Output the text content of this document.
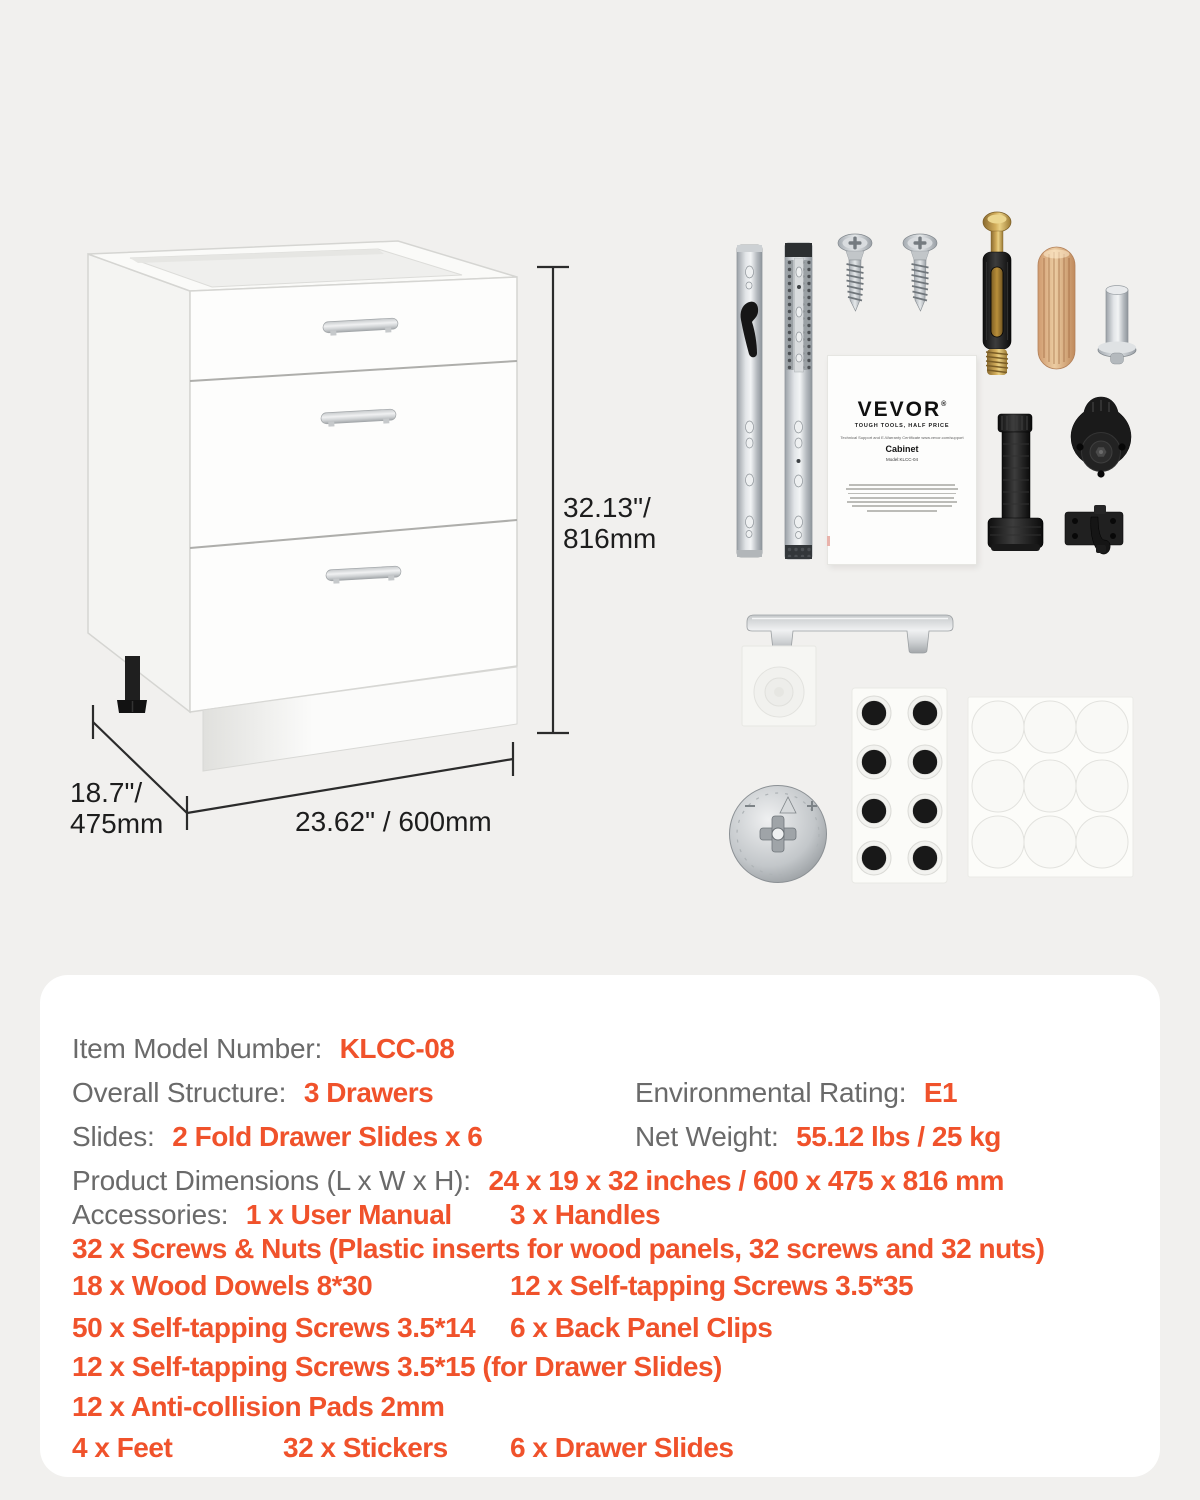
32.13"/
816mm
18.7"/
475mm	23.62" / 600mm
VEVOR®
TOUGH TOOLS, HALF PRICE
Technical Support and E-Warranty Certificate www.vevor.com/support
Cabinet
Model:KLCC-04
Item Model Number: KLCC-08
Overall Structure: 3 Drawers	Environmental Rating: E1
Slides: 2 Fold Drawer Slides x 6	Net Weight: 55.12 lbs / 25 kg
Product Dimensions (L x W x H): 24 x 19 x 32 inches / 600 x 475 x 816 mm
Accessories: 1 x User Manual	3 x Handles
32 x Screws & Nuts (Plastic inserts for wood panels, 32 screws and 32 nuts)
18 x Wood Dowels 8*30	12 x Self-tapping Screws 3.5*35
50 x Self-tapping Screws 3.5*14	6 x Back Panel Clips
12 x Self-tapping Screws 3.5*15 (for Drawer Slides)
12 x Anti-collision Pads 2mm
4 x Feet	32 x Stickers	6 x Drawer Slides
